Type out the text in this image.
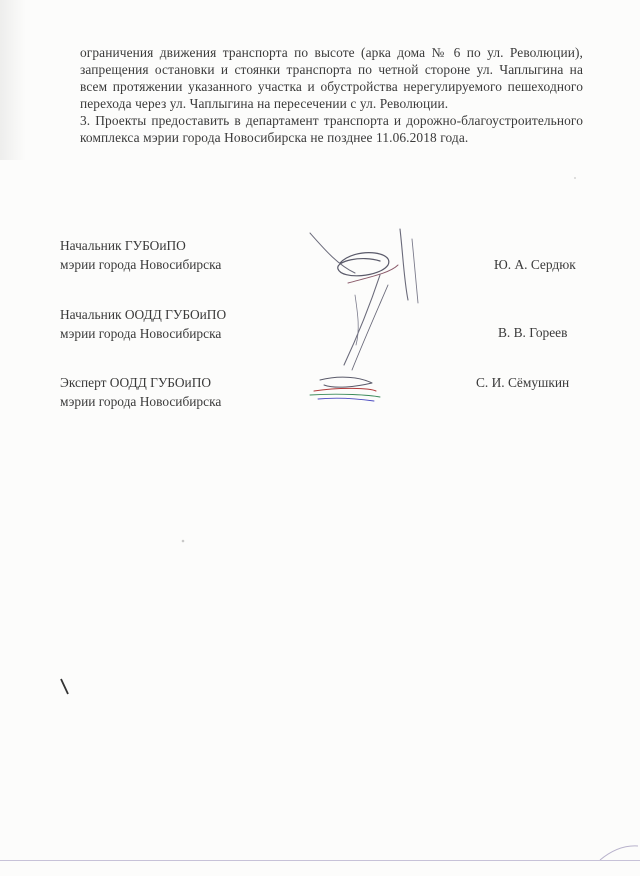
ограничения движения транспорта по высоте (арка дома № 6 по ул. Революции), запрещения остановки и стоянки транспорта по четной стороне ул. Чаплыгина на всем протяжении указанного участка и обустройства нерегулируемого пешеходного перехода через ул. Чаплыгина на пересечении с ул. Революции.

3. Проекты предоставить в департамент транспорта и дорожно-благоустроительного комплекса мэрии города Новосибирска не позднее 11.06.2018 года.

Начальник ГУБОиПО
мэрии города Новосибирска	Ю. А. Сердюк
Начальник ООДД ГУБОиПО
мэрии города Новосибирска	В. В. Гореев
Эксперт ООДД ГУБОиПО
мэрии города Новосибирска
С. И. Сёмушкин
